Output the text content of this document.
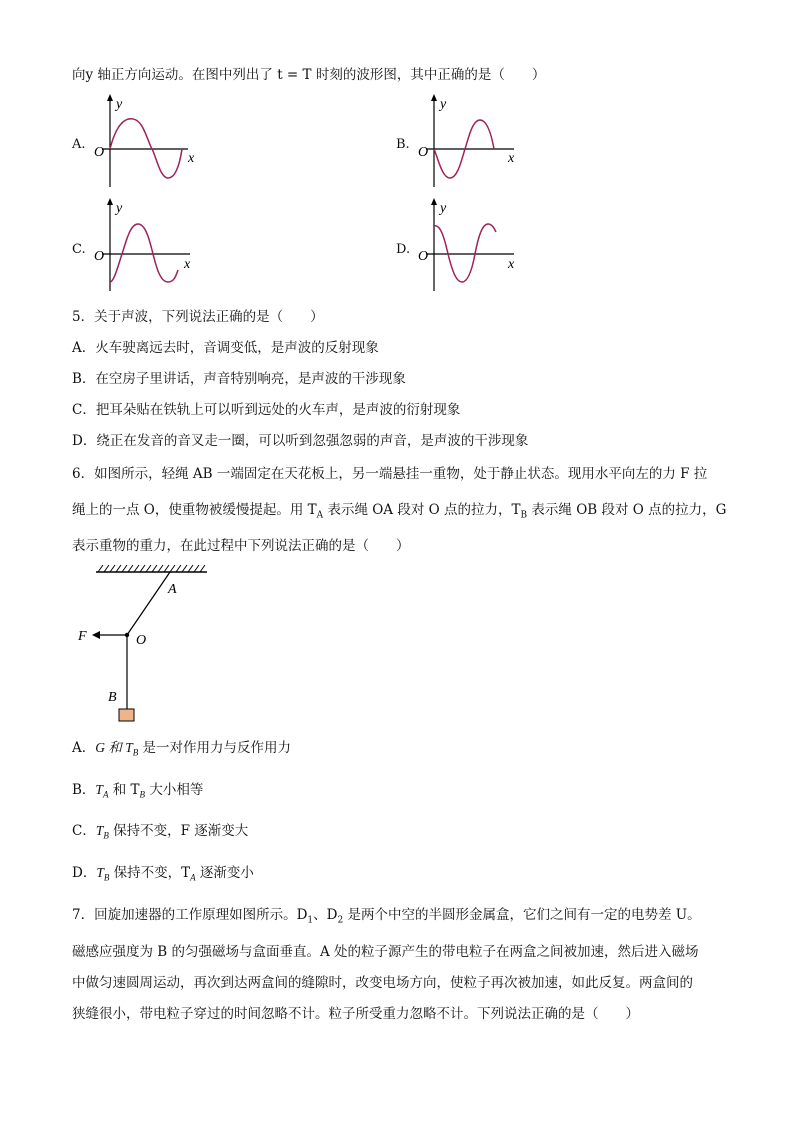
向y 轴正方向运动。在图中列出了 t = T 时刻的波形图，其中正确的是（　　）
A.
y
O	x
B.
y
O	x
C.
y
O
x
D.
y
O
x
5．关于声波，下列说法正确的是（　　）
A．火车驶离远去时，音调变低，是声波的反射现象
B．在空房子里讲话，声音特别响亮，是声波的干涉现象
C．把耳朵贴在铁轨上可以听到远处的火车声，是声波的衍射现象
D．绕正在发音的音叉走一圈，可以听到忽强忽弱的声音，是声波的干涉现象
6．如图所示，轻绳 AB 一端固定在天花板上，另一端悬挂一重物，处于静止状态。现用水平向左的力 F 拉
绳上的一点 O，使重物被缓慢提起。用 $T_A$ 表示绳 OA 段对 O 点的拉力，$T_B$ 表示绳 OB 段对 O 点的拉力，G
表示重物的重力，在此过程中下列说法正确的是（　　）
A
O
F
B
A．G 和 $T_B$ 是一对作用力与反作用力
B．$T_A$ 和 $T_B$ 大小相等
C．$T_B$ 保持不变，F 逐渐变大
D．$T_B$ 保持不变，$T_A$ 逐渐变小
7．回旋加速器的工作原理如图所示。$D_1$、$D_2$ 是两个中空的半圆形金属盒，它们之间有一定的电势差 U。
磁感应强度为 B 的匀强磁场与盒面垂直。A 处的粒子源产生的带电粒子在两盒之间被加速，然后进入磁场
中做匀速圆周运动，再次到达两盒间的缝隙时，改变电场方向，使粒子再次被加速，如此反复。两盒间的
狭缝很小，带电粒子穿过的时间忽略不计。粒子所受重力忽略不计。下列说法正确的是（　　）
